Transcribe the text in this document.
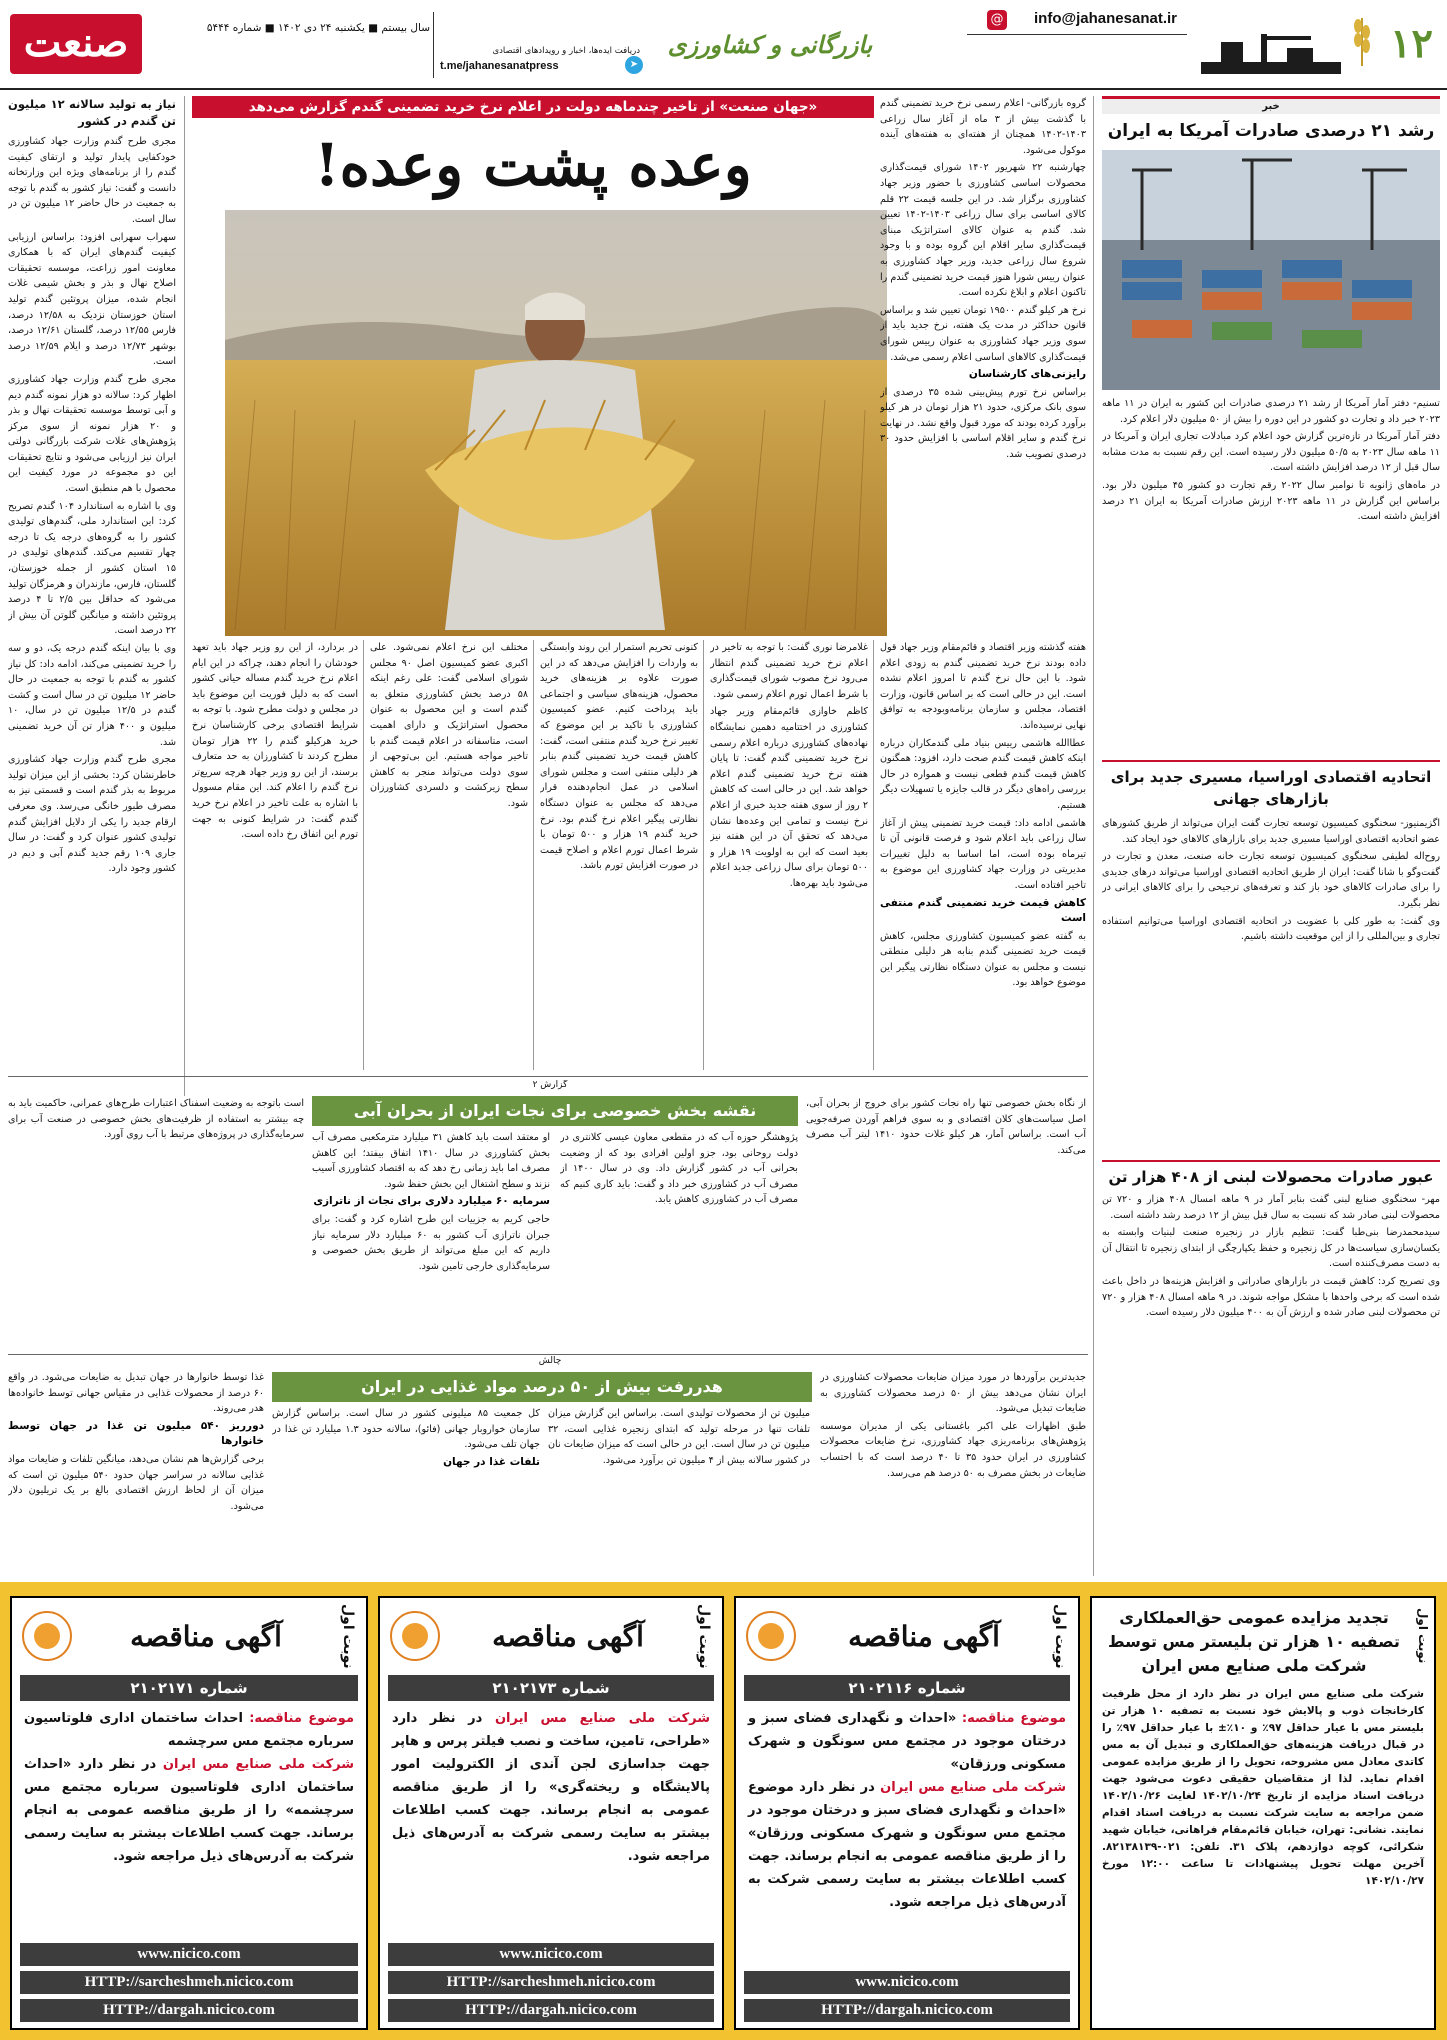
۱۲
@ info@jahanesanat.ir
بازرگانی و کشاورزی
دریافت ایده‌ها، اخبار و رویدادهای اقتصادی
t.me/jahanesanatpress	➤
سال بیستم ■ یکشنبه ۲۴ دی ۱۴۰۲ ■ شماره ۵۴۴۴
صنعت
نیاز به تولید سالانه ۱۲ میلیون تن گندم در کشور

مجری طرح گندم وزارت جهاد کشاورزی خودکفایی پایدار تولید و ارتقای کیفیت گندم را از برنامه‌های ویژه این وزارتخانه دانست و گفت: نیاز کشور به گندم با توجه به جمعیت در حال حاضر ۱۲ میلیون تن در سال است.

سهراب سهرابی افزود: براساس ارزیابی کیفیت گندم‌های ایران که با همکاری معاونت امور زراعت، موسسه تحقیقات اصلاح نهال و بذر و بخش شیمی غلات انجام شده، میزان پروتئین گندم تولید استان خوزستان نزدیک به ۱۲/۵۸ درصد، فارس ۱۲/۵۵ درصد، گلستان ۱۲/۶۱ درصد، بوشهر ۱۲/۷۳ درصد و ایلام ۱۲/۵۹ درصد است.

مجری طرح گندم وزارت جهاد کشاورزی اظهار کرد: سالانه دو هزار نمونه گندم دیم و آبی توسط موسسه تحقیقات نهال و بذر و ۲۰ هزار نمونه از سوی مرکز پژوهش‌های غلات شرکت بازرگانی دولتی ایران نیز ارزیابی می‌شود و نتایج تحقیقات این دو مجموعه در مورد کیفیت این محصول با هم منطبق است.

وی با اشاره به استاندارد ۱۰۴ گندم تصریح کرد: این استاندارد ملی، گندم‌های تولیدی کشور را به گروه‌های درجه یک تا درجه چهار تقسیم می‌کند. گندم‌های تولیدی در ۱۵ استان کشور از جمله خوزستان، گلستان، فارس، مازندران و هرمزگان تولید می‌شود که حداقل بین ۲/۵ تا ۴ درصد پروتئین داشته و میانگین گلوتن آن بیش از ۲۲ درصد است.

وی با بیان اینکه گندم درجه یک، دو و سه را خرید تضمینی می‌کند، ادامه داد: کل نیاز کشور به گندم با توجه به جمعیت در حال حاضر ۱۲ میلیون تن در سال است و کشت گندم در ۱۲/۵ میلیون تن در سال، ۱۰ میلیون و ۴۰۰ هزار تن آن خرید تضمینی شد.

مجری طرح گندم وزارت جهاد کشاورزی خاطرنشان کرد: بخشی از این میزان تولید مربوط به بذر گندم است و قسمتی نیز به مصرف طیور خانگی می‌رسد. وی معرفی ارقام جدید را یکی از دلایل افزایش گندم تولیدی کشور عنوان کرد و گفت: در سال جاری ۱۰۹ رقم جدید گندم آبی و دیم در کشور وجود دارد.

«جهان صنعت» از تاخیر چندماهه دولت در اعلام نرخ خرید تضمینی گندم گزارش می‌دهد
وعده پشت وعده!

گروه بازرگانی- اعلام رسمی نرخ خرید تضمینی گندم با گذشت بیش از ۳ ماه از آغاز سال زراعی ۱۴۰۳-۱۴۰۲ همچنان از هفته‌ای به هفته‌های آینده موکول می‌شود.

چهارشنبه ۲۲ شهریور ۱۴۰۲ شورای قیمت‌گذاری محصولات اساسی کشاورزی با حضور وزیر جهاد کشاورزی برگزار شد. در این جلسه قیمت ۲۲ قلم کالای اساسی برای سال زراعی ۱۴۰۳-۱۴۰۲ تعیین شد. گندم به عنوان کالای استراتژیک مبنای قیمت‌گذاری سایر اقلام این گروه بوده و با وجود شروع سال زراعی جدید، وزیر جهاد کشاورزی به عنوان رییس شورا هنوز قیمت خرید تضمینی گندم را تاکنون اعلام و ابلاغ نکرده است.

نرخ هر کیلو گندم ۱۹۵۰۰ تومان تعیین شد و براساس قانون حداکثر در مدت یک هفته، نرخ جدید باید از سوی وزیر جهاد کشاورزی به عنوان رییس شورای قیمت‌گذاری کالاهای اساسی اعلام رسمی می‌شد.

رایزنی‌های کارشناسان

براساس نرخ تورم پیش‌بینی شده ۳۵ درصدی از سوی بانک مرکزی، حدود ۲۱ هزار تومان در هر کیلو برآورد کرده بودند که مورد قبول واقع نشد. در نهایت نرخ گندم و سایر اقلام اساسی با افزایش حدود ۳۰ درصدی تصویب شد.

هفته گذشته وزیر اقتصاد و قائم‌مقام وزیر جهاد قول داده بودند نرخ خرید تضمینی گندم به زودی اعلام شود. با این حال نرخ گندم تا امروز اعلام نشده است. این در حالی است که بر اساس قانون، وزارت اقتصاد، مجلس و سازمان برنامه‌وبودجه به توافق نهایی نرسیده‌اند.

عطاالله هاشمی رییس بنیاد ملی گندمکاران درباره اینکه کاهش قیمت گندم صحت دارد، افزود: همگنون کاهش قیمت گندم قطعی نیست و همواره در حال بررسی راه‌های دیگر در قالب جایزه یا تسهیلات دیگر هستیم.

هاشمی ادامه داد: قیمت خرید تضمینی پیش از آغاز سال زراعی باید اعلام شود و فرصت قانونی آن تا تیرماه بوده است، اما اساسا به دلیل تغییرات مدیریتی در وزارت جهاد کشاورزی این موضوع به تاخیر افتاده است.

کاهش قیمت خرید تضمینی گندم منتفی است

به گفته عضو کمیسیون کشاورزی مجلس، کاهش قیمت خرید تضمینی گندم بنابه هر دلیلی منطقی نیست و مجلس به عنوان دستگاه نظارتی پیگیر این موضوع خواهد بود.

غلامرضا نوری گفت: با توجه به تاخیر در اعلام نرخ خرید تضمینی گندم انتظار می‌رود نرخ مصوب شورای قیمت‌گذاری با شرط اعمال تورم اعلام رسمی شود.

کاظم خاوازی قائم‌مقام وزیر جهاد کشاورزی در اختتامیه دهمین نمایشگاه نهاده‌های کشاورزی درباره اعلام رسمی نرخ خرید تضمینی گندم گفت: تا پایان هفته نرخ خرید تضمینی گندم اعلام خواهد شد. این در حالی است که کاهش ۲ روز از سوی هفته جدید خبری از اعلام نرخ نیست و تمامی این وعده‌ها نشان می‌دهد که تحقق آن در این هفته نیز بعید است که این به اولویت ۱۹ هزار و ۵۰۰ تومان برای سال زراعی جدید اعلام می‌شود باید بهره‌ها.

کنونی تحریم استمرار این روند وابستگی به واردات را افزایش می‌دهد که در این صورت علاوه بر هزینه‌های خرید محصول، هزینه‌های سیاسی و اجتماعی باید پرداخت کنیم. عضو کمیسیون کشاورزی با تاکید بر این موضوع که تغییر نرخ خرید گندم منتفی است، گفت: کاهش قیمت خرید تضمینی گندم بنابر هر دلیلی منتفی است و مجلس شورای اسلامی در عمل انجام‌دهنده قرار می‌دهد که مجلس به عنوان دستگاه نظارتی پیگیر اعلام نرخ گندم بود. نرخ خرید گندم ۱۹ هزار و ۵۰۰ تومان با شرط اعمال تورم اعلام و اصلاح قیمت در صورت افزایش تورم باشد.

مختلف این نرخ اعلام نمی‌شود. علی اکبری عضو کمیسیون اصل ۹۰ مجلس شورای اسلامی گفت: علی رغم اینکه ۵۸ درصد بخش کشاورزی متعلق به گندم است و این محصول به عنوان محصول استراتژیک و دارای اهمیت است، متاسفانه در اعلام قیمت گندم با تاخیر مواجه هستیم. این بی‌توجهی از سوی دولت می‌تواند منجر به کاهش سطح زیرکشت و دلسردی کشاورزان شود.

در بردارد، از این رو وزیر جهاد باید تعهد خودشان را انجام دهند، چراکه در این ایام اعلام نرخ خرید گندم مساله حیاتی کشور است که به دلیل فوریت این موضوع باید در مجلس و دولت مطرح شود. با توجه به شرایط اقتصادی برخی کارشناسان نرخ خرید هرکیلو گندم را ۲۲ هزار تومان مطرح کردند تا کشاورزان به حد متعارف برسند، از این رو وزیر جهاد هرچه سریع‌تر نرخ گندم را اعلام کند. این مقام مسوول با اشاره به علت تاخیر در اعلام نرخ خرید گندم گفت: در شرایط کنونی به جهت تورم این اتفاق رخ داده است.

خبر
رشد ۲۱ درصدی صادرات آمریکا به ایران

تسنیم- دفتر آمار آمریکا از رشد ۲۱ درصدی صادرات این کشور به ایران در ۱۱ ماهه ۲۰۲۳ خبر داد و تجارت دو کشور در این دوره را بیش از ۵۰ میلیون دلار اعلام کرد.

دفتر آمار آمریکا در تازه‌ترین گزارش خود اعلام کرد مبادلات تجاری ایران و آمریکا در ۱۱ ماهه سال ۲۰۲۳ به ۵۰/۵ میلیون دلار رسیده است. این رقم نسبت به مدت مشابه سال قبل از ۱۲ درصد افزایش داشته است.

در ماه‌های ژانویه تا نوامبر سال ۲۰۲۲ رقم تجارت دو کشور ۴۵ میلیون دلار بود. براساس این گزارش در ۱۱ ماهه ۲۰۲۳ ارزش صادرات آمریکا به ایران ۲۱ درصد افزایش داشته است.

اتحادیه اقتصادی اوراسیا، مسیری جدید برای بازارهای جهانی

اگزیمنیوز- سخنگوی کمیسیون توسعه تجارت گفت ایران می‌تواند از طریق کشورهای عضو اتحادیه اقتصادی اوراسیا مسیری جدید برای بازارهای کالاهای خود ایجاد کند.

روح‌اله لطیفی سخنگوی کمیسیون توسعه تجارت خانه صنعت، معدن و تجارت در گفت‌وگو با شانا گفت: ایران از طریق اتحادیه اقتصادی اوراسیا می‌تواند درهای جدیدی را برای صادرات کالاهای خود باز کند و تعرفه‌های ترجیحی را برای کالاهای ایرانی در نظر بگیرد.

وی گفت: به طور کلی با عضویت در اتحادیه اقتصادی اوراسیا می‌توانیم استفاده تجاری و بین‌المللی را از این موقعیت داشته باشیم.

عبور صادرات محصولات لبنی از ۴۰۸ هزار تن

مهر- سخنگوی صنایع لبنی گفت بنابر آمار در ۹ ماهه امسال ۴۰۸ هزار و ۷۲۰ تن محصولات لبنی صادر شد که نسبت به سال قبل بیش از ۱۲ درصد رشد داشته است.

سیدمحمدرضا بنی‌طبا گفت: تنظیم بازار در زنجیره صنعت لبنیات وابسته به یکسان‌سازی سیاست‌ها در کل زنجیره و حفظ یکپارچگی از ابتدای زنجیره تا انتقال آن به دست مصرف‌کننده است.

وی تصریح کرد: کاهش قیمت در بازارهای صادراتی و افزایش هزینه‌ها در داخل باعث شده است که برخی واحدها با مشکل مواجه شوند. در ۹ ماهه امسال ۴۰۸ هزار و ۷۲۰ تن محصولات لبنی صادر شده و ارزش آن به ۴۰۰ میلیون دلار رسیده است.

گزارش ۲
نقشه بخش خصوصی برای نجات ایران از بحران آبی	از نگاه بخش خصوصی تنها راه نجات کشور برای خروج از بحران آبی، اصل سیاست‌های کلان اقتصادی و به سوی فراهم آوردن صرفه‌جویی آب است. براساس آمار، هر کیلو غلات حدود ۱۴۱۰ لیتر آب مصرف می‌کند.

پژوهشگر حوزه آب که در مقطعی معاون عیسی کلانتری در دولت روحانی بود، جزو اولین افرادی بود که از وضعیت بحرانی آب در کشور گزارش داد. وی در سال ۱۴۰۰ از مصرف آب در کشاورزی خبر داد و گفت: باید کاری کنیم که مصرف آب در کشاورزی کاهش یابد.

او معتقد است باید کاهش ۳۱ میلیارد مترمکعبی مصرف آب بخش کشاورزی در سال ۱۴۱۰ اتفاق بیفتد؛ این کاهش مصرف اما باید زمانی رخ دهد که به اقتصاد کشاورزی آسیب نزند و سطح اشتغال این بخش حفظ شود.

سرمایه ۶۰ میلیارد دلاری برای نجات از ناترازی

حاجی کریم به جزییات این طرح اشاره کرد و گفت: برای جبران ناترازی آب کشور به ۶۰ میلیارد دلار سرمایه نیاز داریم که این مبلغ می‌تواند از طریق بخش خصوصی و سرمایه‌گذاری خارجی تامین شود.

است باتوجه به وضعیت اسفناک اعتبارات طرح‌های عمرانی، حاکمیت باید به چه بیشتر به استفاده از ظرفیت‌های بخش خصوصی در صنعت آب برای سرمایه‌گذاری در پروژه‌های مرتبط با آب روی آورد.

چالش
هدررفت بیش از ۵۰ درصد مواد غذایی در ایران	جدیدترین برآوردها در مورد میزان ضایعات محصولات کشاورزی در ایران نشان می‌دهد بیش از ۵۰ درصد محصولات کشاورزی به ضایعات تبدیل می‌شود.

طبق اظهارات علی اکبر باغستانی یکی از مدیران موسسه پژوهش‌های برنامه‌ریزی جهاد کشاورزی، نرخ ضایعات محصولات کشاورزی در ایران حدود ۳۵ تا ۴۰ درصد است که با احتساب ضایعات در بخش مصرف به ۵۰ درصد هم می‌رسد.

میلیون تن از محصولات تولیدی است. براساس این گزارش میزان تلفات تنها در مرحله تولید که ابتدای زنجیره غذایی است، ۳۲ میلیون تن در سال است. این در حالی است که میزان ضایعات نان در کشور سالانه بیش از ۴ میلیون تن برآورد می‌شود.

کل جمعیت ۸۵ میلیونی کشور در سال است. براساس گزارش سازمان خواروبار جهانی (فائو)، سالانه حدود ۱.۳ میلیارد تن غذا در جهان تلف می‌شود.

تلفات غذا در جهان

غذا توسط خانوارها در جهان تبدیل به ضایعات می‌شود. در واقع ۶۰ درصد از محصولات غذایی در مقیاس جهانی توسط خانواده‌ها هدر می‌روند.

دورریز ۵۴۰ میلیون تن غذا در جهان توسط خانوارها

برخی گزارش‌ها هم نشان می‌دهد، میانگین تلفات و ضایعات مواد غذایی سالانه در سراسر جهان حدود ۵۴۰ میلیون تن است که میزان آن از لحاظ ارزش اقتصادی بالغ بر یک تریلیون دلار می‌شود.

نوبت اول
تجدید مزایده عمومی حق‌العملکاری تصفیه ۱۰ هزار تن بلیستر مس توسط شرکت ملی صنایع مس ایران
شرکت ملی صنایع مس ایران در نظر دارد از محل ظرفیت کارخانجات ذوب و پالایش خود نسبت به تصفیه ۱۰ هزار تن بلیستر مس با عیار حداقل ۹۷٪ و ۱۰٪± با عیار حداقل ۹۷٪ را در قبال دریافت هزینه‌های حق‌العملکاری و تبدیل آن به مس کاتدی معادل مس مشروحه، تحویل را از طریق مزایده عمومی اقدام نماید. لذا از متقاضیان حقیقی دعوت می‌شود جهت دریافت اسناد مزایده از تاریخ ۱۴۰۲/۱۰/۲۴ لغایت ۱۴۰۲/۱۰/۲۶ ضمن مراجعه به سایت شرکت نسبت به دریافت اسناد اقدام نمایند. نشانی: تهران، خیابان قائم‌مقام فراهانی، خیابان شهید شکرائی، کوچه دوازدهم، پلاک ۳۱. تلفن: ۰۲۱-۸۲۱۳۸۱۳۹. آخرین مهلت تحویل پیشنهادات تا ساعت ۱۲:۰۰ مورخ ۱۴۰۲/۱۰/۲۷
نوبت اول
آگهی مناقصه
شماره ۲۱۰۲۱۱۶
موضوع مناقصه: «احداث و نگهداری فضای سبز و درختان موجود در مجتمع مس سونگون و شهرک مسکونی ورزقان»
شرکت ملی صنایع مس ایران در نظر دارد موضوع «احداث و نگهداری فضای سبز و درختان موجود در مجتمع مس سونگون و شهرک مسکونی ورزقان» را از طریق مناقصه عمومی به انجام برساند. جهت کسب اطلاعات بیشتر به سایت رسمی شرکت به آدرس‌های ذیل مراجعه شود.
www.nicico.com
HTTP://dargah.nicico.com
نوبت اول
آگهی مناقصه
شماره ۲۱۰۲۱۷۳
شرکت ملی صنایع مس ایران در نظر دارد «طراحی، تامین، ساخت و نصب فیلتر پرس و هاپر جهت جداسازی لجن آندی از الکترولیت امور پالایشگاه و ریخته‌گری» را از طریق مناقصه عمومی به انجام برساند. جهت کسب اطلاعات بیشتر به سایت رسمی شرکت به آدرس‌های ذیل مراجعه شود.
www.nicico.com
HTTP://sarcheshmeh.nicico.com
HTTP://dargah.nicico.com
نوبت اول
آگهی مناقصه
شماره ۲۱۰۲۱۷۱
موضوع مناقصه: احداث ساختمان اداری فلوتاسیون سرباره مجتمع مس سرچشمه
شرکت ملی صنایع مس ایران در نظر دارد «احداث ساختمان اداری فلوتاسیون سرباره مجتمع مس سرچشمه» را از طریق مناقصه عمومی به انجام برساند. جهت کسب اطلاعات بیشتر به سایت رسمی شرکت به آدرس‌های ذیل مراجعه شود.
www.nicico.com
HTTP://sarcheshmeh.nicico.com
HTTP://dargah.nicico.com
